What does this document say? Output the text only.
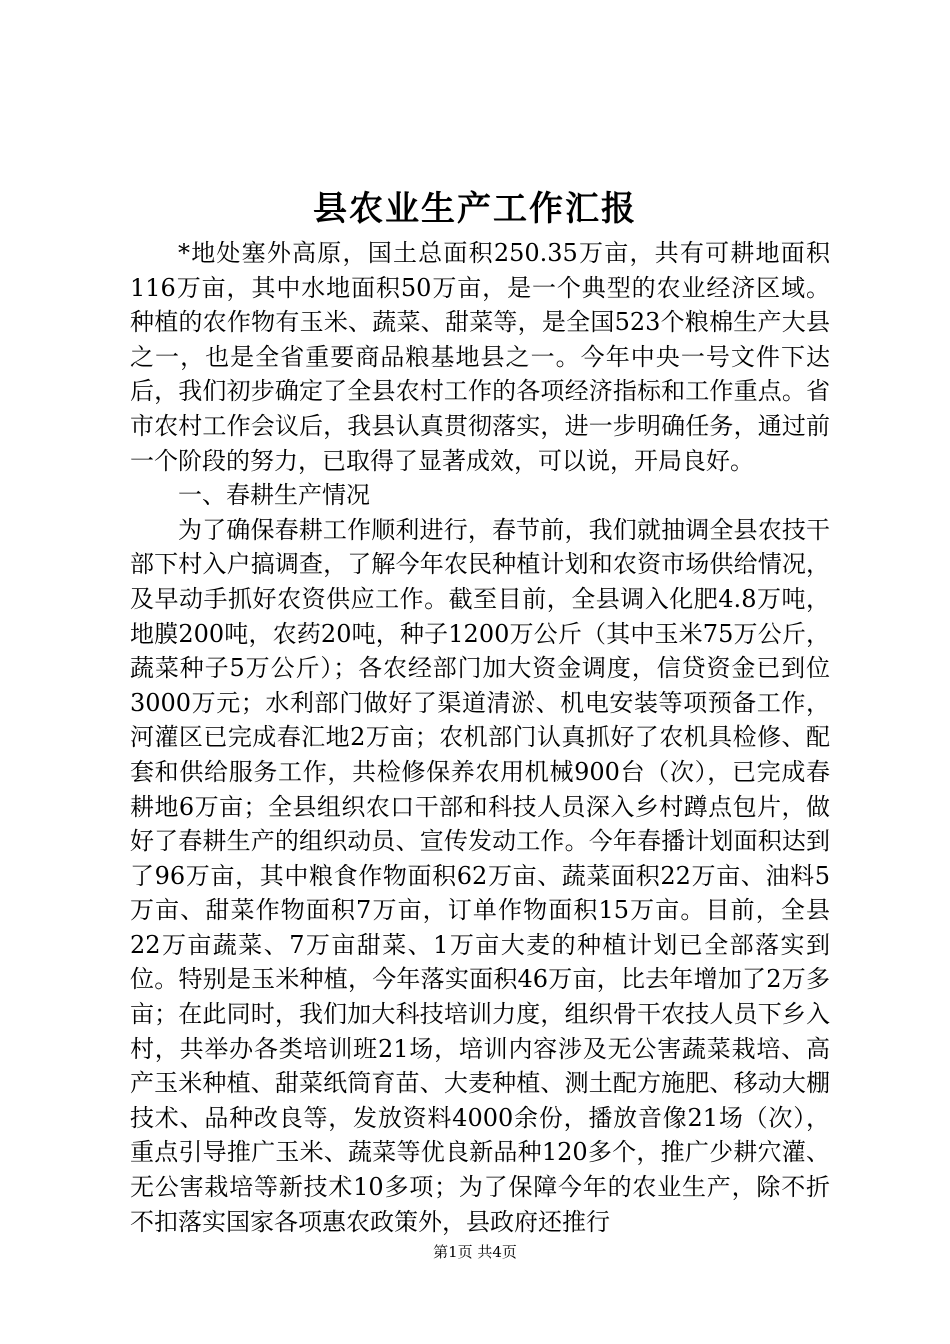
县农业生产工作汇报

*地处塞外高原，国土总面积250.35万亩，共有可耕地面积116万亩，其中水地面积50万亩，是一个典型的农业经济区域。种植的农作物有玉米、蔬菜、甜菜等，是全国523个粮棉生产大县之一，也是全省重要商品粮基地县之一。今年中央一号文件下达后，我们初步确定了全县农村工作的各项经济指标和工作重点。省市农村工作会议后，我县认真贯彻落实，进一步明确任务，通过前一个阶段的努力，已取得了显著成效，可以说，开局良好。

一、春耕生产情况

为了确保春耕工作顺利进行，春节前，我们就抽调全县农技干部下村入户搞调查，了解今年农民种植计划和农资市场供给情况，及早动手抓好农资供应工作。截至目前，全县调入化肥4.8万吨，地膜200吨，农药20吨，种子1200万公斤（其中玉米75万公斤，蔬菜种子5万公斤）；各农经部门加大资金调度，信贷资金已到位3000万元；水利部门做好了渠道清淤、机电安装等项预备工作，河灌区已完成春汇地2万亩；农机部门认真抓好了农机具检修、配套和供给服务工作，共检修保养农用机械900台（次），已完成春耕地6万亩；全县组织农口干部和科技人员深入乡村蹲点包片，做好了春耕生产的组织动员、宣传发动工作。今年春播计划面积达到了96万亩，其中粮食作物面积62万亩、蔬菜面积22万亩、油料5万亩、甜菜作物面积7万亩，订单作物面积15万亩。目前，全县22万亩蔬菜、7万亩甜菜、1万亩大麦的种植计划已全部落实到位。特别是玉米种植，今年落实面积46万亩，比去年增加了2万多亩；在此同时，我们加大科技培训力度，组织骨干农技人员下乡入村，共举办各类培训班21场，培训内容涉及无公害蔬菜栽培、高产玉米种植、甜菜纸筒育苗、大麦种植、测土配方施肥、移动大棚技术、品种改良等，发放资料4000余份，播放音像21场（次），重点引导推广玉米、蔬菜等优良新品种120多个，推广少耕穴灌、无公害栽培等新技术10多项；为了保障今年的农业生产，除不折不扣落实国家各项惠农政策外，县政府还推行

第1页 共4页
